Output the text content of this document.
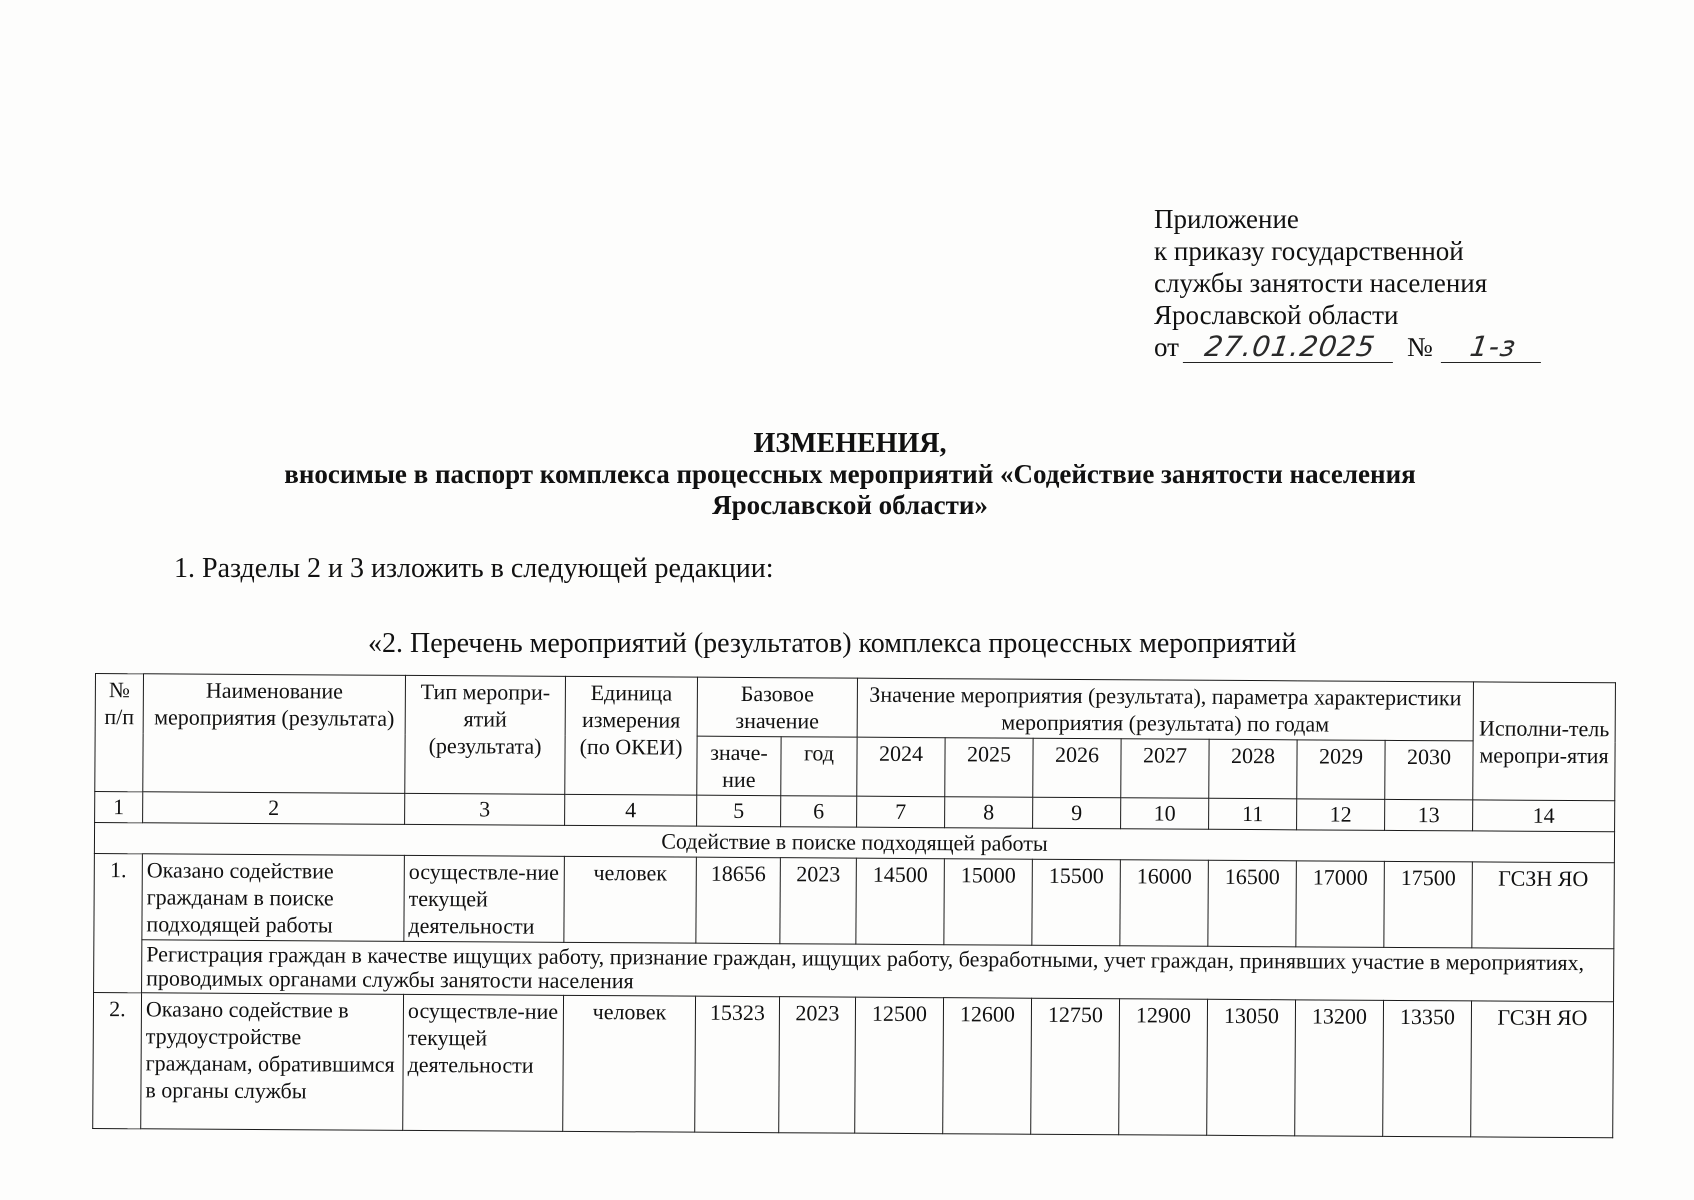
Приложение
к приказу государственной
службы занятости населения
Ярославской области
от 27.01.2025	№	1-з
ИЗМЕНЕНИЯ,
вносимые в паспорт комплекса процессных мероприятий «Содействие занятости населения
Ярославской области»
1. Разделы 2 и 3 изложить в следующей редакции:
«2. Перечень мероприятий (результатов) комплекса процессных мероприятий
№ п/п	Наименование мероприятия (результата)	Тип меропри-ятий (результата)	Единица измерения (по ОКЕИ)	Базовое значение		Значение мероприятия (результата), параметра характеристики мероприятия (результата) по годам							Исполни-тель меропри-ятия
				значе-ние	год	2024	2025	2026	2027	2028	2029	2030	
1	2	3	4	5	6	7	8	9	10	11	12	13	14
Содействие в поиске подходящей работы													
1.	Оказано содействие гражданам в поиске подходящей работы	осуществле-ние текущей деятельности	человек	18656	2023	14500	15000	15500	16000	16500	17000	17500	ГСЗН ЯО
	Регистрация граждан в качестве ищущих работу, признание граждан, ищущих работу, безработными, учет граждан, принявших участие в мероприятиях, проводимых органами службы занятости населения												
2.	Оказано содействие в трудоустройстве гражданам, обратившимся в органы службы	осуществле-ние текущей деятельности	человек	15323	2023	12500	12600	12750	12900	13050	13200	13350	ГСЗН ЯО
